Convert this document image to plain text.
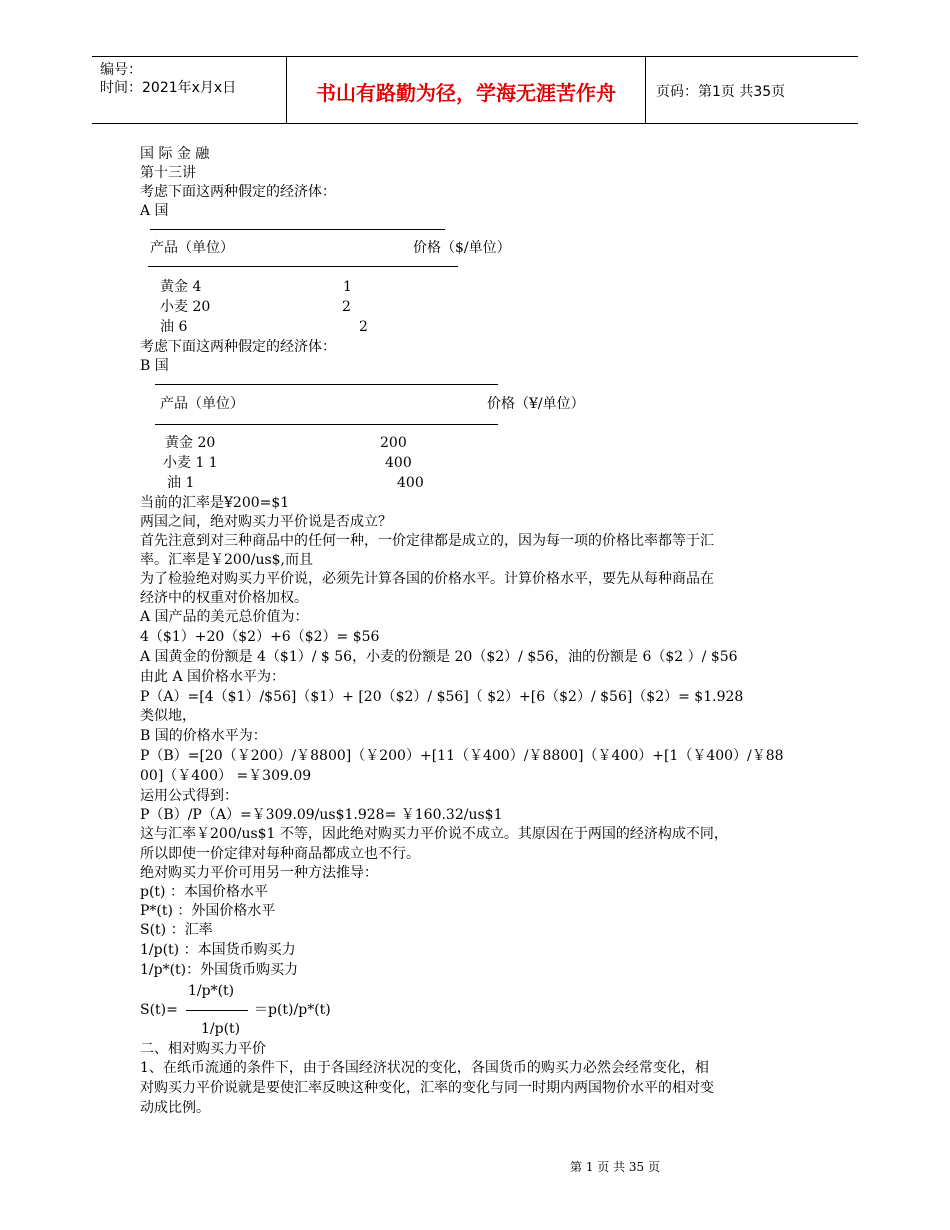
编号：
时间：2021年x月x日	书山有路勤为径，学海无涯苦作舟	页码：第1页 共35页
国 际 金 融
第十三讲
考虑下面这两种假定的经济体：
A 国
产品（单位）	价格（$/单位）
黄金 4	1
小麦 20	2
油 6	2
考虑下面这两种假定的经济体：
B 国
产品（单位）	价格（¥/单位）
黄金 20	200
小麦 1 1	400
油 1	400
当前的汇率是¥200=$1
两国之间，绝对购买力平价说是否成立？
首先注意到对三种商品中的任何一种，一价定律都是成立的，因为每一项的价格比率都等于汇
率。汇率是￥200/us$,而且
为了检验绝对购买力平价说，必须先计算各国的价格水平。计算价格水平，要先从每种商品在
经济中的权重对价格加权。
A 国产品的美元总价值为：
4（$1）+20（$2）+6（$2）= $56
A 国黄金的份额是 4（$1）/ $ 56，小麦的份额是 20（$2）/ $56，油的份额是 6（$2 ）/ $56
由此 A 国价格水平为：
P（A）=[4（$1）/$56]（$1）+ [20（$2）/ $56]（ $2）+[6（$2）/ $56]（$2）= $1.928
类似地，
B 国的价格水平为：
P（B）=[20（￥200）/￥8800]（￥200）+[11（￥400）/￥8800]（￥400）+[1（￥400）/￥88
00]（￥400） =￥309.09
运用公式得到：
P（B）/P（A）=￥309.09/us$1.928= ￥160.32/us$1
这与汇率￥200/us$1 不等，因此绝对购买力平价说不成立。其原因在于两国的经济构成不同，
所以即使一价定律对每种商品都成立也不行。
绝对购买力平价可用另一种方法推导：
p(t) ：本国价格水平
P*(t) ：外国价格水平
S(t) ：汇率
1/p(t) ：本国货币购买力
1/p*(t)：外国货币购买力
1/p*(t)
S(t)=	＝p(t)/p*(t)
1/p(t)
二、相对购买力平价
1、在纸币流通的条件下，由于各国经济状况的变化，各国货币的购买力必然会经常变化，相
对购买力平价说就是要使汇率反映这种变化，汇率的变化与同一时期内两国物价水平的相对变
动成比例。
第 1 页 共 35 页
